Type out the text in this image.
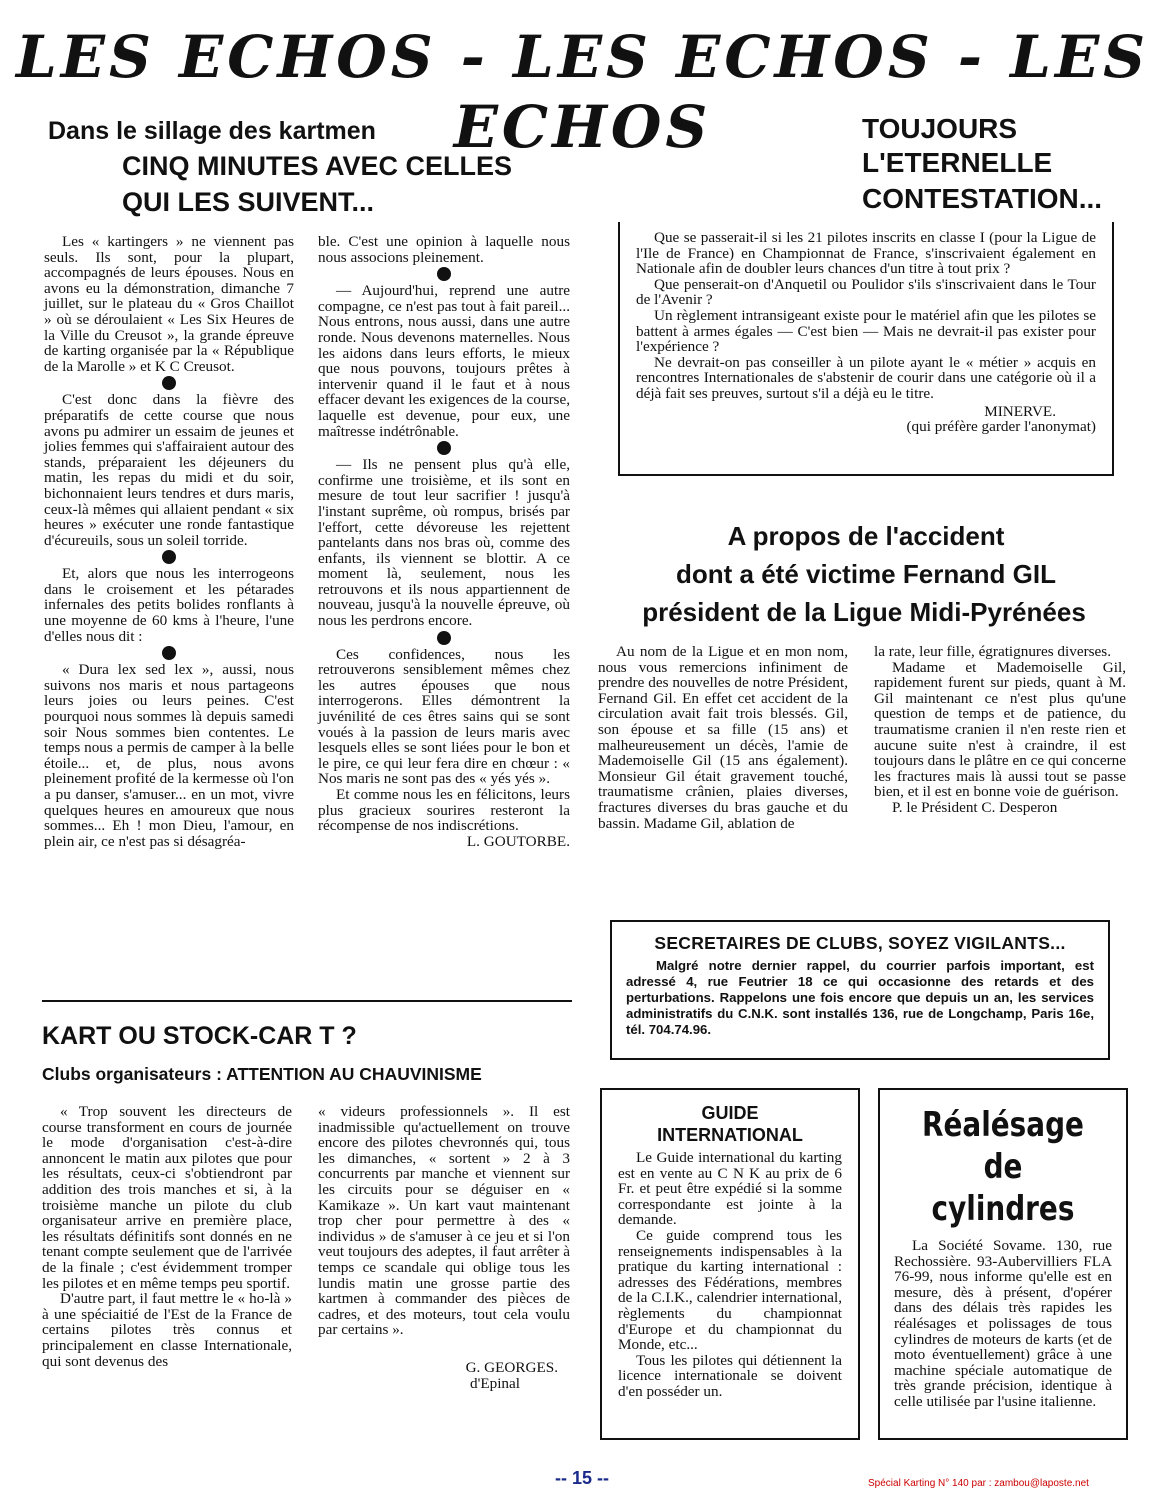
LES ECHOS - LES ECHOS - LES ECHOS
Dans le sillage des kartmen
CINQ MINUTES AVEC CELLES
QUI LES SUIVENT...

Les « kartingers » ne viennent pas seuls. Ils sont, pour la plupart, accompagnés de leurs épouses. Nous en avons eu la démonstration, dimanche 7 juillet, sur le plateau du « Gros Chaillot » où se déroulaient « Les Six Heures de la Ville du Creusot », la grande épreuve de karting organisée par la « République de la Marolle » et K C Creusot.

C'est donc dans la fièvre des préparatifs de cette course que nous avons pu admirer un essaim de jeunes et jolies femmes qui s'affairaient autour des stands, préparaient les déjeuners du matin, les repas du midi et du soir, bichonnaient leurs tendres et durs maris, ceux-là mêmes qui allaient pendant « six heures » exécuter une ronde fantastique d'écureuils, sous un soleil torride.

Et, alors que nous les interrogeons dans le croisement et les pétarades infernales des petits bolides ronflants à une moyenne de 60 kms à l'heure, l'une d'elles nous dit :

« Dura lex sed lex », aussi, nous suivons nos maris et nous partageons leurs joies ou leurs peines. C'est pourquoi nous sommes là depuis samedi soir Nous sommes bien contentes. Le temps nous a permis de camper à la belle étoile... et, de plus, nous avons pleinement profité de la kermesse où l'on a pu danser, s'amuser... en un mot, vivre quelques heures en amoureux que nous sommes... Eh ! mon Dieu, l'amour, en plein air, ce n'est pas si désagréa-

ble. C'est une opinion à laquelle nous nous associons pleinement.

— Aujourd'hui, reprend une autre compagne, ce n'est pas tout à fait pareil... Nous entrons, nous aussi, dans une autre ronde. Nous devenons maternelles. Nous les aidons dans leurs efforts, le mieux que nous pouvons, toujours prêtes à intervenir quand il le faut et à nous effacer devant les exigences de la course, laquelle est devenue, pour eux, une maîtresse indétrônable.

— Ils ne pensent plus qu'à elle, confirme une troisième, et ils sont en mesure de tout leur sacrifier ! jusqu'à l'instant suprême, où rompus, brisés par l'effort, cette dévoreuse les rejettent pantelants dans nos bras où, comme des enfants, ils viennent se blottir. A ce moment là, seulement, nous les retrouvons et ils nous appartiennent de nouveau, jusqu'à la nouvelle épreuve, où nous les perdrons encore.

Ces confidences, nous les retrouverons sensiblement mêmes chez les autres épouses que nous interrogerons. Elles démontrent la juvénilité de ces êtres sains qui se sont voués à la passion de leurs maris avec lesquels elles se sont liées pour le bon et le pire, ce qui leur fera dire en chœur : « Nos maris ne sont pas des « yés yés ».

Et comme nous les en félicitons, leurs plus gracieux sourires resteront la récompense de nos indiscrétions.

L. GOUTORBE.

TOUJOURS
L'ETERNELLE
CONTESTATION...

Que se passerait-il si les 21 pilotes inscrits en classe I (pour la Ligue de l'Ile de France) en Championnat de France, s'inscrivaient également en Nationale afin de doubler leurs chances d'un titre à tout prix ?

Que penserait-on d'Anquetil ou Poulidor s'ils s'inscrivaient dans le Tour de l'Avenir ?

Un règlement intransigeant existe pour le matériel afin que les pilotes se battent à armes égales — C'est bien — Mais ne devrait-il pas exister pour l'expérience ?

Ne devrait-on pas conseiller à un pilote ayant le « métier » acquis en rencontres Internationales de s'abstenir de courir dans une catégorie où il a déjà fait ses preuves, surtout s'il a déjà eu le titre.

MINERVE.

(qui préfère garder l'anonymat)

A propos de l'accident
dont a été victime Fernand GIL
président de la Ligue Midi-Pyrénées

Au nom de la Ligue et en mon nom, nous vous remercions infiniment de prendre des nouvelles de notre Président, Fernand Gil. En effet cet accident de la circulation avait fait trois blessés. Gil, son épouse et sa fille (15 ans) et malheureusement un décès, l'amie de Mademoiselle Gil (15 ans également). Monsieur Gil était gravement touché, traumatisme crânien, plaies diverses, fractures diverses du bras gauche et du bassin. Madame Gil, ablation de

la rate, leur fille, égratignures diverses.

Madame et Mademoiselle Gil, rapidement furent sur pieds, quant à M. Gil maintenant ce n'est plus qu'une question de temps et de patience, du traumatisme cranien il n'en reste rien et aucune suite n'est à craindre, il est toujours dans le plâtre en ce qui concerne les fractures mais là aussi tout se passe bien, et il est en bonne voie de guérison.

P. le Président C. Desperon

SECRETAIRES DE CLUBS, SOYEZ VIGILANTS...
Malgré notre dernier rappel, du courrier parfois important, est adressé 4, rue Feutrier 18 ce qui occasionne des retards et des perturbations. Rappelons une fois encore que depuis un an, les services administratifs du C.N.K. sont installés 136, rue de Longchamp, Paris 16e, tél. 704.74.96.
KART OU STOCK-CAR T ?
Clubs organisateurs : ATTENTION AU CHAUVINISME

« Trop souvent les directeurs de course transforment en cours de journée le mode d'organisation c'est-à-dire annoncent le matin aux pilotes que pour les résultats, ceux-ci s'obtiendront par addition des trois manches et si, à la troisième manche un pilote du club organisateur arrive en première place, les résultats définitifs sont donnés en ne tenant compte seulement que de l'arrivée de la finale ; c'est évidemment tromper les pilotes et en même temps peu sportif.

D'autre part, il faut mettre le « ho-là » à une spéciaitié de l'Est de la France de certains pilotes très connus et principalement en classe Internationale, qui sont devenus des

« videurs professionnels ». Il est inadmissible qu'actuellement on trouve encore des pilotes chevronnés qui, tous les dimanches, « sortent » 2 à 3 concurrents par manche et viennent sur les circuits pour se déguiser en « Kamikaze ». Un kart vaut maintenant trop cher pour permettre à des « individus » de s'amuser à ce jeu et si l'on veut toujours des adeptes, il faut arrêter à temps ce scandale qui oblige tous les lundis matin une grosse partie des kartmen à commander des pièces de cadres, et des moteurs, tout cela voulu par certains ».

G. GEORGES.

d'Epinal

GUIDE
INTERNATIONAL

Le Guide international du karting est en vente au C N K au prix de 6 Fr. et peut être expédié si la somme correspondante est jointe à la demande.

Ce guide comprend tous les renseignements indispensables à la pratique du karting international : adresses des Fédérations, membres de la C.I.K., calendrier international, règlements du championnat d'Europe et du championnat du Monde, etc...

Tous les pilotes qui détiennent la licence internationale se doivent d'en posséder un.

Réalésage
de cylindres

La Société Sovame. 130, rue Rechossière. 93-Aubervilliers FLA 76-99, nous informe qu'elle est en mesure, dès à présent, d'opérer dans des délais très rapides les réalésages et polissages de tous cylindres de moteurs de karts (et de moto éventuellement) grâce à une machine spéciale automatique de très grande précision, identique à celle utilisée par l'usine italienne.

-- 15 --	Spécial Karting N° 140 par : zambou@laposte.net
